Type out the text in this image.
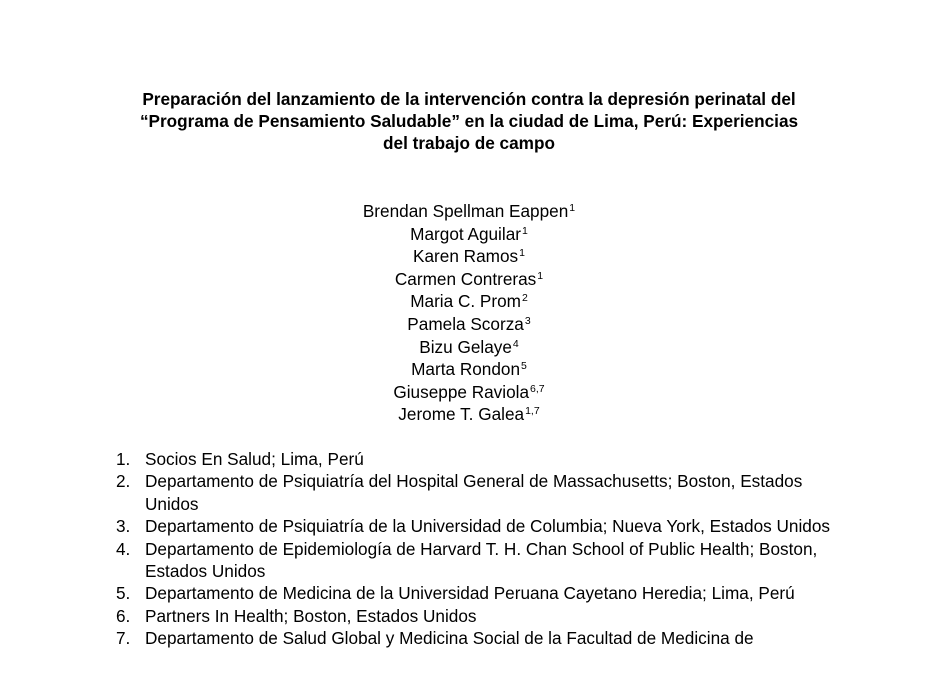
Preparación del lanzamiento de la intervención contra la depresión perinatal del
“Programa de Pensamiento Saludable” en la ciudad de Lima, Perú: Experiencias
del trabajo de campo
Brendan Spellman Eappen$^1$
Margot Aguilar$^1$
Karen Ramos$^1$
Carmen Contreras$^1$
Maria C. Prom$^2$
Pamela Scorza$^3$
Bizu Gelaye$^4$
Marta Rondon$^5$
Giuseppe Raviola$^{6,7}$
Jerome T. Galea$^{1,7}$
1. Socios En Salud; Lima, Perú
2. Departamento de Psiquiatría del Hospital General de Massachusetts; Boston, Estados Unidos
3. Departamento de Psiquiatría de la Universidad de Columbia; Nueva York, Estados Unidos
4. Departamento de Epidemiología de Harvard T. H. Chan School of Public Health; Boston, Estados Unidos
5. Departamento de Medicina de la Universidad Peruana Cayetano Heredia; Lima, Perú
6. Partners In Health; Boston, Estados Unidos
7. Departamento de Salud Global y Medicina Social de la Facultad de Medicina de
